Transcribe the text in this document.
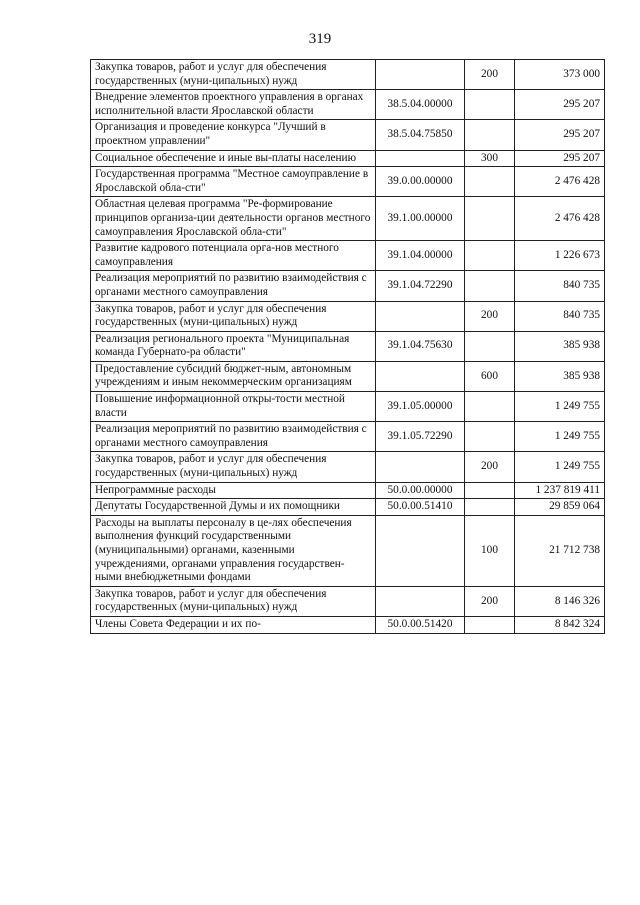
319
Закупка товаров, работ и услуг для обеспечения государственных (муни-ципальных) нужд		200	373 000
Внедрение элементов проектного управления в органах исполнительной власти Ярославской области	38.5.04.00000		295 207
Организация и проведение конкурса "Лучший в проектном управлении"	38.5.04.75850		295 207
Социальное обеспечение и иные вы-платы населению		300	295 207
Государственная программа "Местное самоуправление в Ярославской обла-сти"	39.0.00.00000		2 476 428
Областная целевая программа "Ре-формирование принципов организа-ции деятельности органов местного самоуправления Ярославской обла-сти"	39.1.00.00000		2 476 428
Развитие кадрового потенциала орга-нов местного самоуправления	39.1.04.00000		1 226 673
Реализация мероприятий по развитию взаимодействия с органами местного самоуправления	39.1.04.72290		840 735
Закупка товаров, работ и услуг для обеспечения государственных (муни-ципальных) нужд		200	840 735
Реализация регионального проекта "Муниципальная команда Губернато-ра области"	39.1.04.75630		385 938
Предоставление субсидий бюджет-ным, автономным учреждениям и иным некоммерческим организациям		600	385 938
Повышение информационной откры-тости местной власти	39.1.05.00000		1 249 755
Реализация мероприятий по развитию взаимодействия с органами местного самоуправления	39.1.05.72290		1 249 755
Закупка товаров, работ и услуг для обеспечения государственных (муни-ципальных) нужд		200	1 249 755
Непрограммные расходы	50.0.00.00000		1 237 819 411
Депутаты Государственной Думы и их помощники	50.0.00.51410		29 859 064
Расходы на выплаты персоналу в це-лях обеспечения выполнения функций государственными (муниципальными) органами, казенными учреждениями, органами управления государствен-ными внебюджетными фондами		100	21 712 738
Закупка товаров, работ и услуг для обеспечения государственных (муни-ципальных) нужд		200	8 146 326
Члены Совета Федерации и их по-	50.0.00.51420		8 842 324
